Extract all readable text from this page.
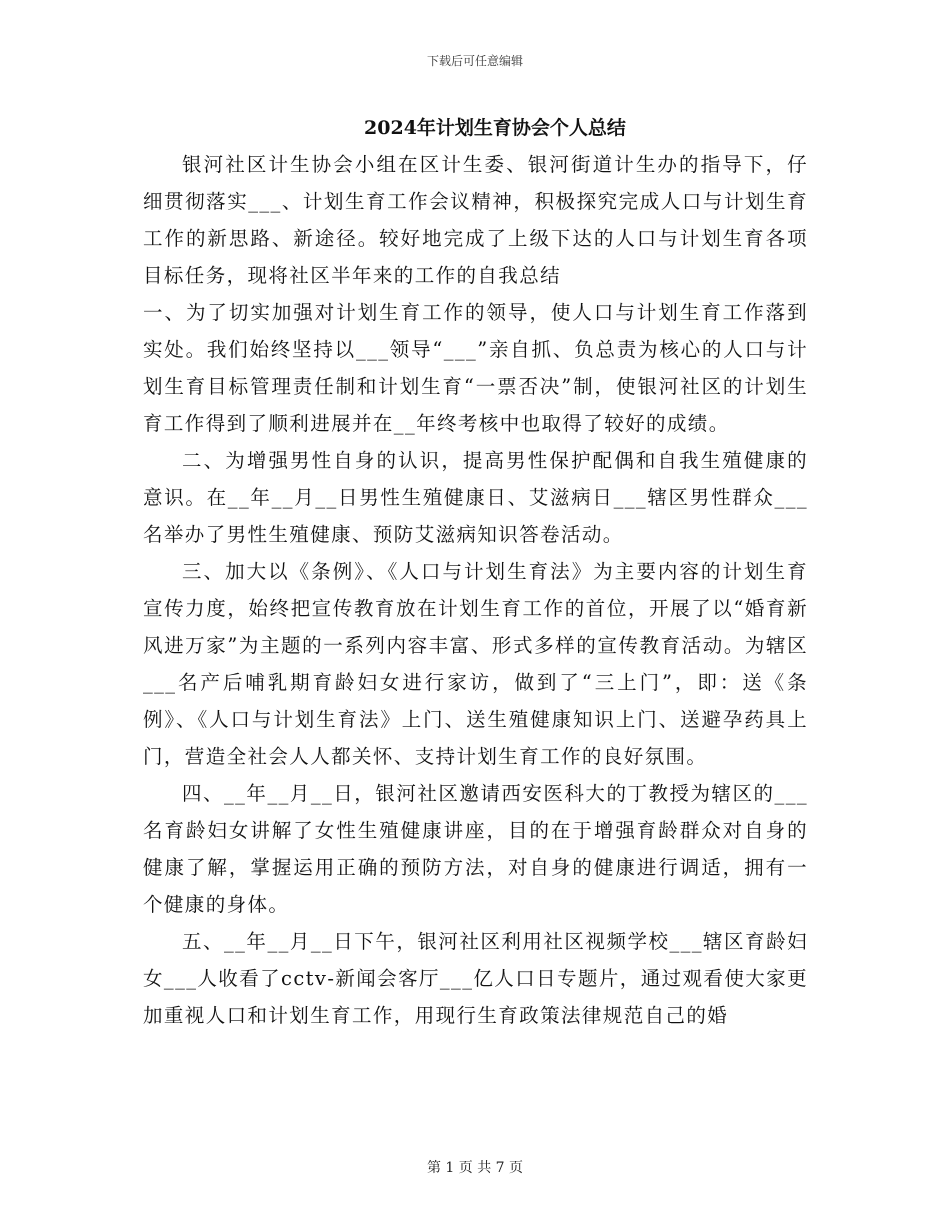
下载后可任意编辑
2024年计划生育协会个人总结

银河社区计生协会小组在区计生委、银河街道计生办的指导下，仔细贯彻落实___、计划生育工作会议精神，积极探究完成人口与计划生育工作的新思路、新途径。较好地完成了上级下达的人口与计划生育各项目标任务，现将社区半年来的工作的自我总结

一、为了切实加强对计划生育工作的领导，使人口与计划生育工作落到实处。我们始终坚持以___领导“___”亲自抓、负总责为核心的人口与计划生育目标管理责任制和计划生育“一票否决”制，使银河社区的计划生育工作得到了顺利进展并在__年终考核中也取得了较好的成绩。

二、为增强男性自身的认识，提高男性保护配偶和自我生殖健康的意识。在__年__月__日男性生殖健康日、艾滋病日___辖区男性群众___名举办了男性生殖健康、预防艾滋病知识答卷活动。

三、加大以《条例》、《人口与计划生育法》为主要内容的计划生育宣传力度，始终把宣传教育放在计划生育工作的首位，开展了以“婚育新风进万家”为主题的一系列内容丰富、形式多样的宣传教育活动。为辖区___名产后哺乳期育龄妇女进行家访，做到了“三上门”，即：送《条例》、《人口与计划生育法》上门、送生殖健康知识上门、送避孕药具上门，营造全社会人人都关怀、支持计划生育工作的良好氛围。

四、__年__月__日，银河社区邀请西安医科大的丁教授为辖区的___名育龄妇女讲解了女性生殖健康讲座，目的在于增强育龄群众对自身的健康了解，掌握运用正确的预防方法，对自身的健康进行调适，拥有一个健康的身体。

五、__年__月__日下午，银河社区利用社区视频学校___辖区育龄妇女___人收看了cctv-新闻会客厅___亿人口日专题片，通过观看使大家更加重视人口和计划生育工作，用现行生育政策法律规范自己的婚

第 1 页 共 7 页
